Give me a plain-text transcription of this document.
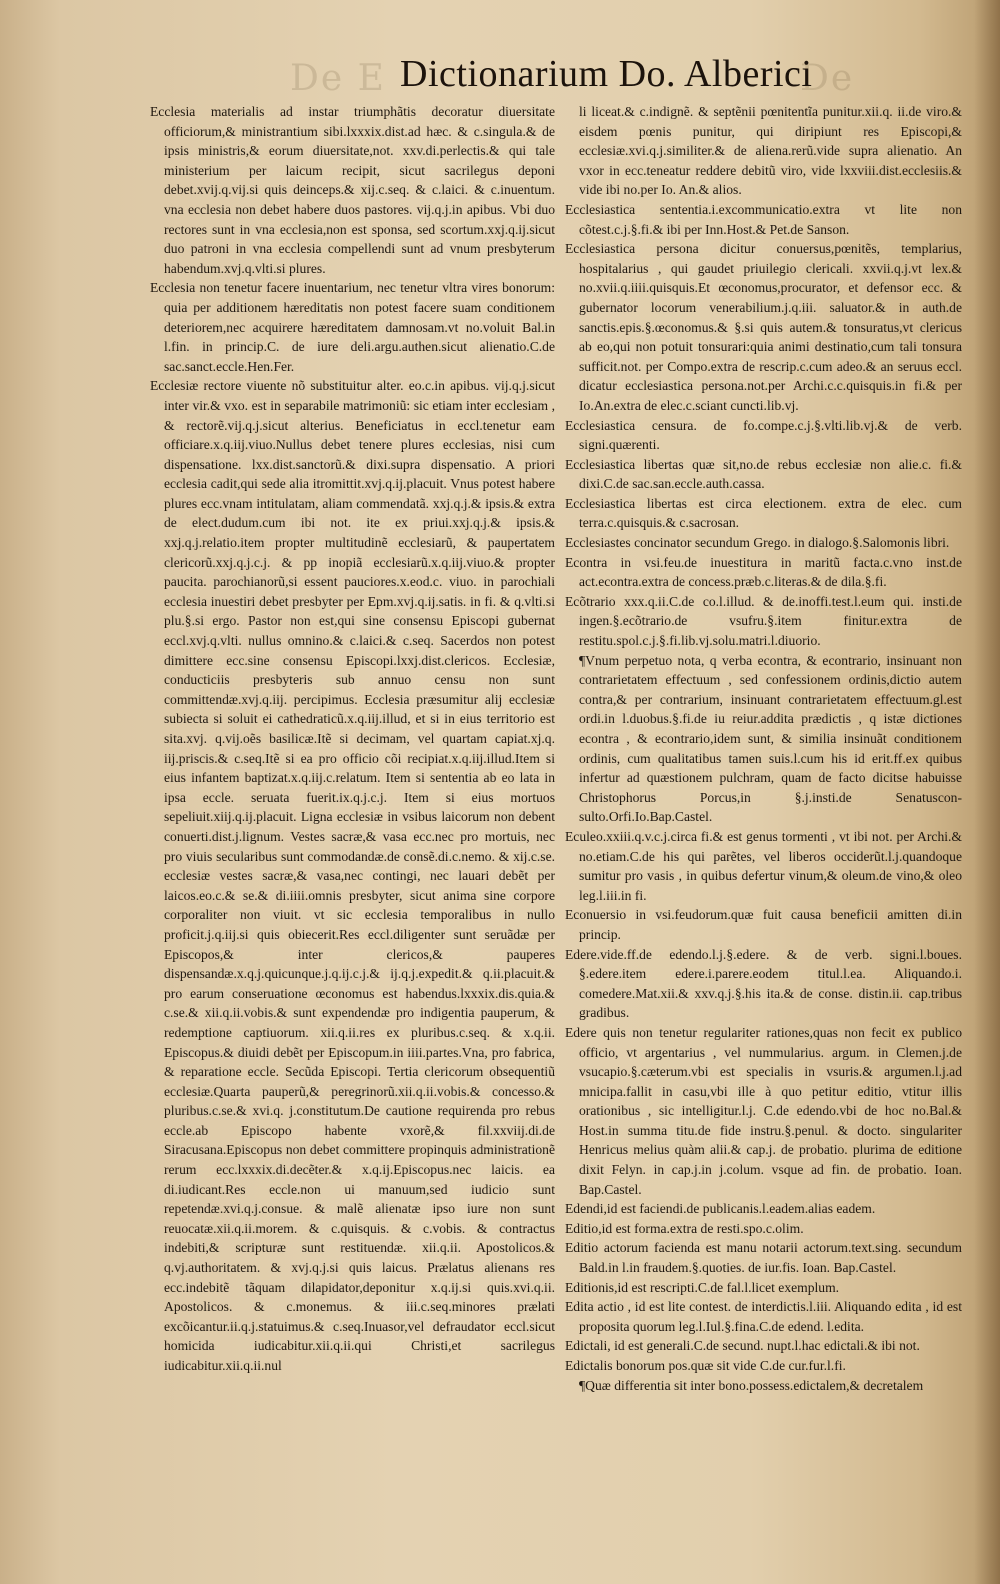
De E	De
Dictionarium Do. Alberici
Ecclesia materialis ad instar triumphãtis decoratur diuersitate officiorum,& ministrantium sibi.lxxxix.dist.ad hæc. & c.singula.& de ipsis ministris,& eorum diuersitate,not. xxv.di.perlectis.& qui tale ministerium per laicum recipit, sicut sacrilegus deponi debet.xvij.q.vij.si quis deinceps.& xij.c.seq. & c.laici. & c.inuentum. vna ecclesia non debet habere duos pastores. vij.q.j.in apibus. Vbi duo rectores sunt in vna ecclesia,non est sponsa, sed scortum.xxj.q.ij.sicut duo patroni in vna ecclesia compellendi sunt ad vnum presbyterum habendum.xvj.q.vlti.si plures.
Ecclesia non tenetur facere inuentarium, nec tenetur vltra vires bonorum: quia per additionem hæreditatis non potest facere suam conditionem deteriorem,nec acquirere hæreditatem damnosam.vt no.voluit Bal.in l.fin. in princip.C. de iure deli.argu.authen.sicut alienatio.C.de sac.sanct.eccle.Hen.Fer.
Ecclesiæ rectore viuente nõ substituitur alter. eo.c.in apibus. vij.q.j.sicut inter vir.& vxo. est in separabile matrimoniũ: sic etiam inter ecclesiam , & rectorẽ.vij.q.j.sicut alterius. Beneficiatus in eccl.tenetur eam officiare.x.q.iij.viuo.Nullus debet tenere plures ecclesias, nisi cum dispensatione. lxx.dist.sanctorũ.& dixi.supra dispensatio. A priori ecclesia cadit,qui sede alia itromittit.xvj.q.ij.placuit. Vnus potest habere plures ecc.vnam intitulatam, aliam commendatã. xxj.q.j.& ipsis.& extra de elect.dudum.cum ibi not. ite ex priui.xxj.q.j.& ipsis.& xxj.q.j.relatio.item propter multitudinẽ ecclesiarũ, & paupertatem clericorũ.xxj.q.j.c.j. & pp inopiã ecclesiarũ.x.q.iij.viuo.& propter paucita. parochianorũ,si essent pauciores.x.eod.c. viuo. in parochiali ecclesia inuestiri debet presbyter per Epm.xvj.q.ij.satis. in fi. & q.vlti.si plu.§.si ergo. Pastor non est,qui sine consensu Episcopi gubernat eccl.xvj.q.vlti. nullus omnino.& c.laici.& c.seq. Sacerdos non potest dimittere ecc.sine consensu Episcopi.lxxj.dist.clericos. Ecclesiæ, conducticiis presbyteris sub annuo censu non sunt committendæ.xvj.q.iij. percipimus. Ecclesia præsumitur alij ecclesiæ subiecta si soluit ei cathedraticũ.x.q.iij.illud, et si in eius territorio est sita.xvj. q.vij.oẽs basilicæ.Itẽ si decimam, vel quartam capiat.xj.q. iij.priscis.& c.seq.Itẽ si ea pro officio cõi recipiat.x.q.iij.illud.Item si eius infantem baptizat.x.q.iij.c.relatum. Item si sententia ab eo lata in ipsa eccle. seruata fuerit.ix.q.j.c.j. Item si eius mortuos sepeliuit.xiij.q.ij.placuit. Ligna ecclesiæ in vsibus laicorum non debent conuerti.dist.j.lignum. Vestes sacræ,& vasa ecc.nec pro mortuis, nec pro viuis secularibus sunt commodandæ.de consẽ.di.c.nemo. & xij.c.se. ecclesiæ vestes sacræ,& vasa,nec contingi, nec lauari debẽt per laicos.eo.c.& se.& di.iiii.omnis presbyter, sicut anima sine corpore corporaliter non viuit. vt sic ecclesia temporalibus in nullo proficit.j.q.iij.si quis obiecerit.Res eccl.diligenter sunt seruãdæ per Episcopos,& inter clericos,& pauperes dispensandæ.x.q.j.quicunque.j.q.ij.c.j.& ij.q.j.expedit.& q.ii.placuit.& pro earum conseruatione œconomus est habendus.lxxxix.dis.quia.& c.se.& xii.q.ii.vobis.& sunt expendendæ pro indigentia pauperum, & redemptione captiuorum. xii.q.ii.res ex pluribus.c.seq. & x.q.ii. Episcopus.& diuidi debẽt per Episcopum.in iiii.partes.Vna, pro fabrica, & reparatione eccle. Secũda Episcopi. Tertia clericorum obsequentiũ ecclesiæ.Quarta pauperũ,& peregrinorũ.xii.q.ii.vobis.& concesso.& pluribus.c.se.& xvi.q. j.constitutum.De cautione requirenda pro rebus eccle.ab Episcopo habente vxorẽ,& fil.xxviij.di.de Siracusana.Episcopus non debet committere propinquis administrationẽ rerum ecc.lxxxix.di.decẽter.& x.q.ij.Episcopus.nec laicis. ea di.iudicant.Res eccle.non ui manuum,sed iudicio sunt repetendæ.xvi.q.j.consue. & malẽ alienatæ ipso iure non sunt reuocatæ.xii.q.ii.morem. & c.quisquis. & c.vobis. & contractus indebiti,& scripturæ sunt restituendæ. xii.q.ii. Apostolicos.& q.vj.authoritatem. & xvj.q.j.si quis laicus. Prælatus alienans res ecc.indebitẽ tãquam dilapidator,deponitur x.q.ij.si quis.xvi.q.ii. Apostolicos. & c.monemus. & iii.c.seq.minores prælati excõicantur.ii.q.j.statuimus.& c.seq.Inuasor,vel defraudator eccl.sicut homicida iudicabitur.xii.q.ii.qui Christi,et sacrilegus iudicabitur.xii.q.ii.nul
li liceat.& c.indignẽ. & septẽnii pœnitentĩa punitur.xii.q. ii.de viro.& eisdem pœnis punitur, qui diripiunt res Episcopi,& ecclesiæ.xvi.q.j.similiter.& de aliena.rerũ.vide supra alienatio. An vxor in ecc.teneatur reddere debitũ viro, vide lxxviii.dist.ecclesiis.& vide ibi no.per Io. An.& alios.
Ecclesiastica sententia.i.excommunicatio.extra vt lite non cõtest.c.j.§.fi.& ibi per Inn.Host.& Pet.de Sanson.
Ecclesiastica persona dicitur conuersus,pœnitẽs, templarius, hospitalarius , qui gaudet priuilegio clericali. xxvii.q.j.vt lex.& no.xvii.q.iiii.quisquis.Et œconomus,procurator, et defensor ecc. & gubernator locorum venerabilium.j.q.iii. saluator.& in auth.de sanctis.epis.§.œconomus.& §.si quis autem.& tonsuratus,vt clericus ab eo,qui non potuit tonsurari:quia animi destinatio,cum tali tonsura sufficit.not. per Compo.extra de rescrip.c.cum adeo.& an seruus eccl. dicatur ecclesiastica persona.not.per Archi.c.c.quisquis.in fi.& per Io.An.extra de elec.c.sciant cuncti.lib.vj.
Ecclesiastica censura. de fo.compe.c.j.§.vlti.lib.vj.& de verb. signi.quærenti.
Ecclesiastica libertas quæ sit,no.de rebus ecclesiæ non alie.c. fi.& dixi.C.de sac.san.eccle.auth.cassa.
Ecclesiastica libertas est circa electionem. extra de elec. cum terra.c.quisquis.& c.sacrosan.
Ecclesiastes concinator secundum Grego. in dialogo.§.Salomonis libri.
Econtra in vsi.feu.de inuestitura in maritũ facta.c.vno inst.de act.econtra.extra de concess.præb.c.literas.& de dila.§.fi.
Ecõtrario xxx.q.ii.C.de co.l.illud. & de.inoffi.test.l.eum qui. insti.de ingen.§.ecõtrario.de vsufru.§.item finitur.extra de restitu.spol.c.j.§.fi.lib.vj.solu.matri.l.diuorio.
¶Vnum perpetuo nota, q verba econtra, & econtrario, insinuant non contrarietatem effectuum , sed confessionem ordinis,dictio autem contra,& per contrarium, insinuant contrarietatem effectuum.gl.est ordi.in l.duobus.§.fi.de iu reiur.addita prædictis , q istæ dictiones econtra , & econtrario,idem sunt, & similia insinuãt conditionem ordinis, cum qualitatibus tamen suis.l.cum his id erit.ff.ex quibus infertur ad quæstionem pulchram, quam de facto dicitse habuisse Christophorus Porcus,in §.j.insti.de Senatuscon-sulto.Orfi.Io.Bap.Castel.
Eculeo.xxiii.q.v.c.j.circa fi.& est genus tormenti , vt ibi not. per Archi.& no.etiam.C.de his qui parẽtes, vel liberos occiderũt.l.j.quandoque sumitur pro vasis , in quibus defertur vinum,& oleum.de vino,& oleo leg.l.iii.in fi.
Econuersio in vsi.feudorum.quæ fuit causa beneficii amitten di.in princip.
Edere.vide.ff.de edendo.l.j.§.edere. & de verb. signi.l.boues. §.edere.item edere.i.parere.eodem titul.l.ea. Aliquando.i. comedere.Mat.xii.& xxv.q.j.§.his ita.& de conse. distin.ii. cap.tribus gradibus.
Edere quis non tenetur regulariter rationes,quas non fecit ex publico officio, vt argentarius , vel nummularius. argum. in Clemen.j.de vsucapio.§.cæterum.vbi est specialis in vsuris.& argumen.l.j.ad mnicipa.fallit in casu,vbi ille à quo petitur editio, vtitur illis orationibus , sic intelligitur.l.j. C.de edendo.vbi de hoc no.Bal.& Host.in summa titu.de fide instru.§.penul. & docto. singulariter Henricus melius quàm alii.& cap.j. de probatio. plurima de editione dixit Felyn. in cap.j.in j.colum. vsque ad fin. de probatio. Ioan. Bap.Castel.
Edendi,id est faciendi.de publicanis.l.eadem.alias eadem.
Editio,id est forma.extra de resti.spo.c.olim.
Editio actorum facienda est manu notarii actorum.text.sing. secundum Bald.in l.in fraudem.§.quoties. de iur.fis. Ioan. Bap.Castel.
Editionis,id est rescripti.C.de fal.l.licet exemplum.
Edita actio , id est lite contest. de interdictis.l.iii. Aliquando edita , id est proposita quorum leg.l.Iul.§.fina.C.de edend. l.edita.
Edictali, id est generali.C.de secund. nupt.l.hac edictali.& ibi not.
Edictalis bonorum pos.quæ sit vide C.de cur.fur.l.fi.
¶Quæ differentia sit inter bono.possess.edictalem,& decretalem
